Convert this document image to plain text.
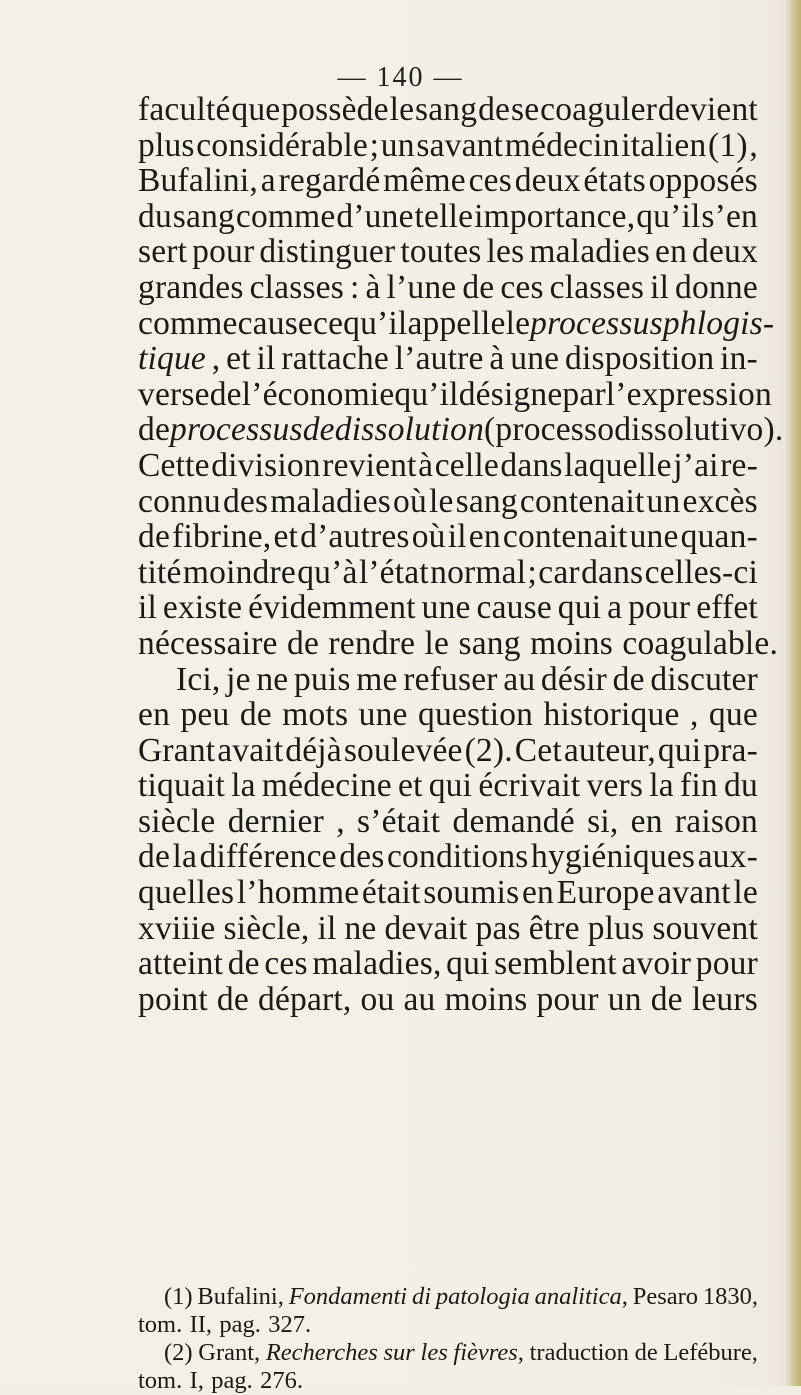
— 140 —
faculté que possède le sang de se coaguler devient
plus considérable ; un savant médecin italien (1) ,
Bufalini, a regardé même ces deux états opposés
du sang comme d’une telle importance, qu’il s’en
sert pour distinguer toutes les maladies en deux
grandes classes : à l’une de ces classes il donne
comme cause ce qu’il appelle le processus phlogis-
tique , et il rattache l’autre à une disposition in-
verse de l’économie qu’il désigne par l’expression
de processus de dissolution (processo dissolutivo).
Cette division revient à celle dans laquelle j’ai re-
connu des maladies où le sang contenait un excès
de fibrine, et d’autres où il en contenait une quan-
tité moindre qu’à l’état normal ; car dans celles-ci
il existe évidemment une cause qui a pour effet
nécessaire de rendre le sang moins coagulable.
Ici, je ne puis me refuser au désir de discuter
en peu de mots une question historique , que
Grant avait déjà soulevée (2). Cet auteur, qui pra-
tiquait la médecine et qui écrivait vers la fin du
siècle dernier , s’était demandé si, en raison
de la différence des conditions hygiéniques aux-
quelles l’homme était soumis en Europe avant le
xviiie siècle, il ne devait pas être plus souvent
atteint de ces maladies, qui semblent avoir pour
point de départ, ou au moins pour un de leurs
(1) Bufalini, Fondamenti di patologia analitica, Pesaro 1830,
tom. II, pag. 327.
(2) Grant, Recherches sur les fièvres, traduction de Lefébure,
tom. I, pag. 276.
